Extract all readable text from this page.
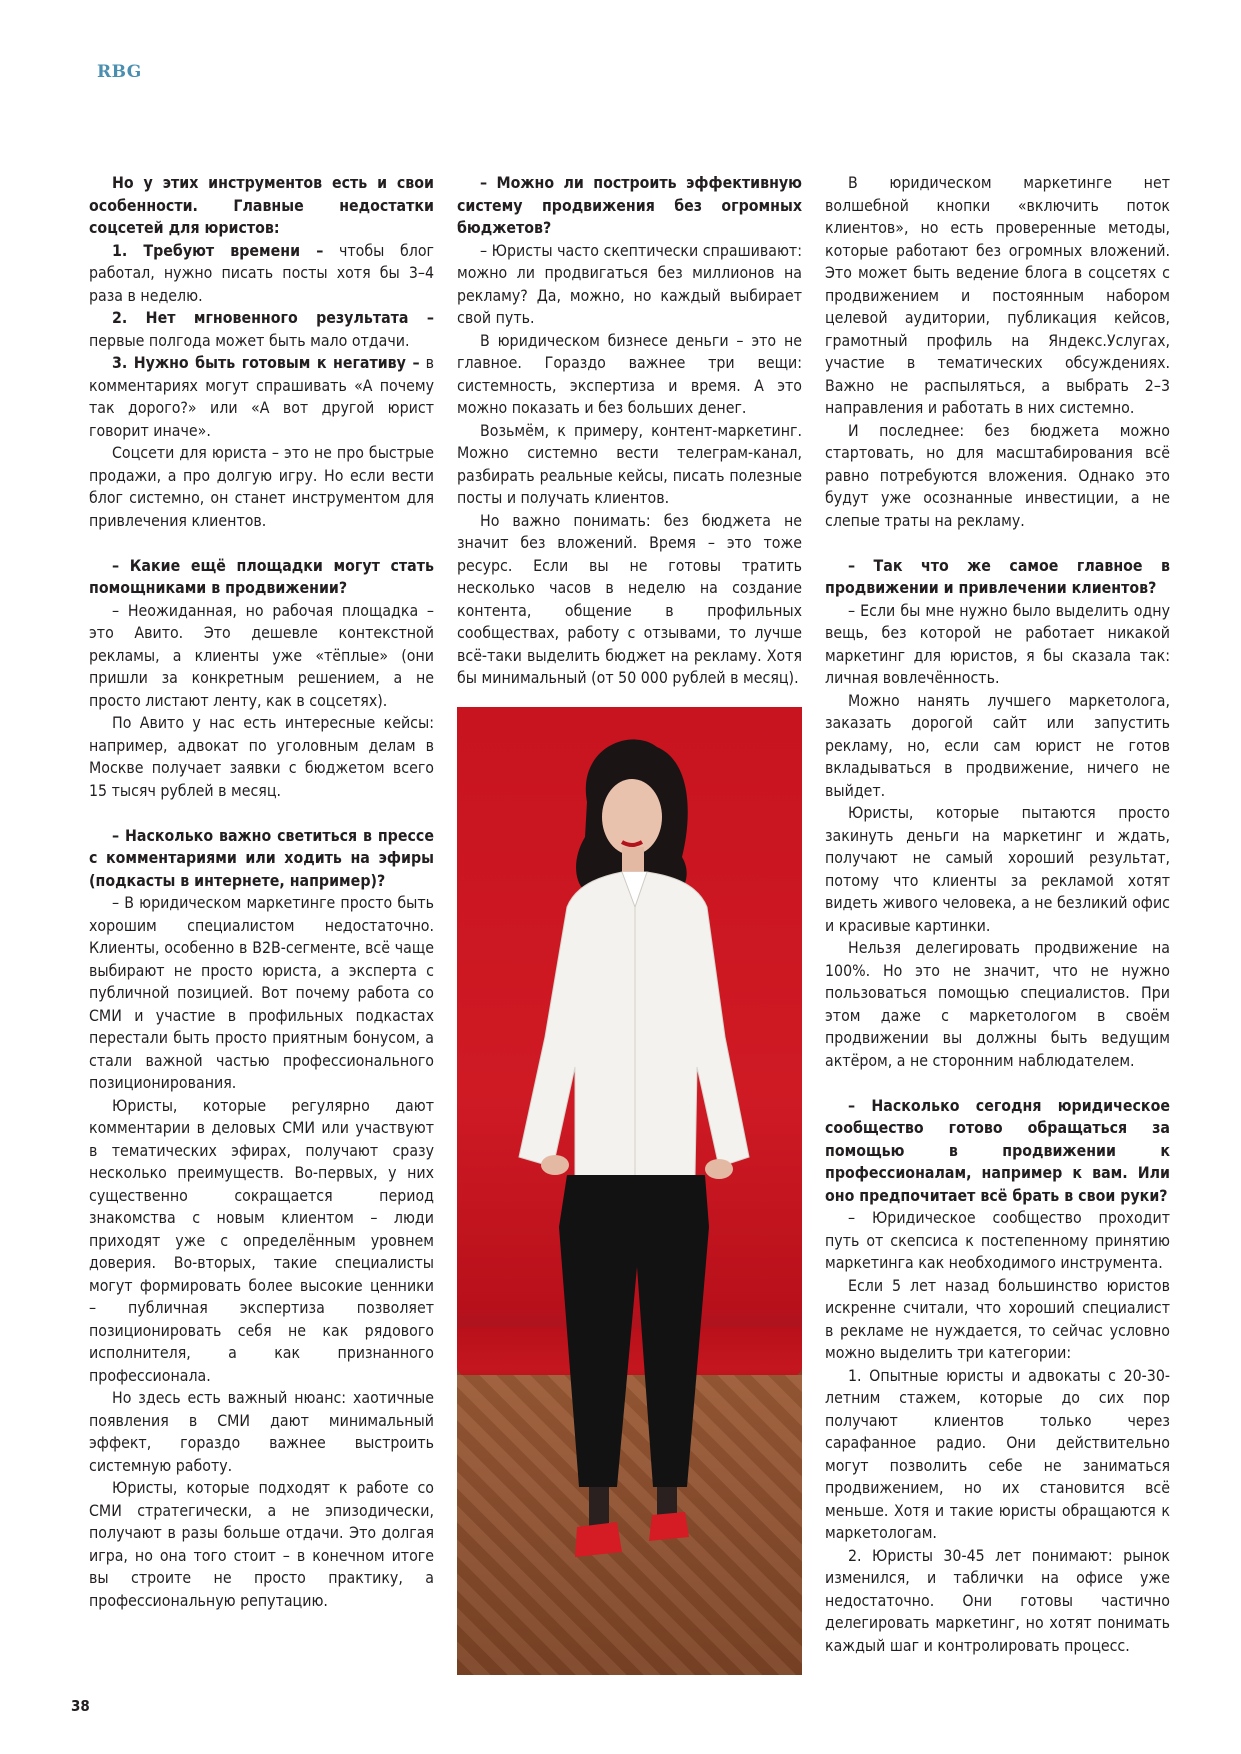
RBG

Но у этих инструментов есть и свои особенности. Главные недостатки соцсетей для юристов:

1. Требуют времени – чтобы блог работал, нужно писать посты хотя бы 3–4 раза в неделю.

2. Нет мгновенного результата – первые полгода может быть мало отдачи.

3. Нужно быть готовым к негативу – в комментариях могут спрашивать «А почему так дорого?» или «А вот другой юрист говорит иначе».

Соцсети для юриста – это не про быстрые продажи, а про долгую игру. Но если вести блог системно, он станет инструментом для привлечения клиентов.

– Какие ещё площадки могут стать помощниками в продвижении?

– Неожиданная, но рабочая площадка – это Авито. Это дешевле контекстной рекламы, а клиенты уже «тёплые» (они пришли за конкретным решением, а не просто листают ленту, как в соцсетях).

По Авито у нас есть интересные кейсы: например, адвокат по уголовным делам в Москве получает заявки с бюджетом всего 15 тысяч рублей в месяц.

– Насколько важно светиться в прессе с комментариями или ходить на эфиры (подкасты в интернете, например)?

– В юридическом маркетинге просто быть хорошим специалистом недостаточно. Клиенты, особенно в B2B-сегменте, всё чаще выбирают не просто юриста, а эксперта с публичной позицией. Вот почему работа со СМИ и участие в профильных подкастах перестали быть просто приятным бонусом, а стали важной частью профессионального позиционирования.

Юристы, которые регулярно дают комментарии в деловых СМИ или участвуют в тематических эфирах, получают сразу несколько преимуществ. Во-первых, у них существенно сокращается период знакомства с новым клиентом – люди приходят уже с определённым уровнем доверия. Во-вторых, такие специалисты могут формировать более высокие ценники – публичная экспертиза позволяет позиционировать себя не как рядового исполнителя, а как признанного профессионала.

Но здесь есть важный нюанс: хаотичные появления в СМИ дают минимальный эффект, гораздо важнее выстроить системную работу.

Юристы, которые подходят к работе со СМИ стратегически, а не эпизодически, получают в разы больше отдачи. Это долгая игра, но она того стоит – в конечном итоге вы строите не просто практику, а профессиональную репутацию.

– Можно ли построить эффективную систему продвижения без огромных бюджетов?

– Юристы часто скептически спрашивают: можно ли продвигаться без миллионов на рекламу? Да, можно, но каждый выбирает свой путь.

В юридическом бизнесе деньги – это не главное. Гораздо важнее три вещи: системность, экспертиза и время. А это можно показать и без больших денег.

Возьмём, к примеру, контент-маркетинг. Можно системно вести телеграм-канал, разбирать реальные кейсы, писать полезные посты и получать клиентов.

Но важно понимать: без бюджета не значит без вложений. Время – это тоже ресурс. Если вы не готовы тратить несколько часов в неделю на создание контента, общение в профильных сообществах, работу с отзывами, то лучше всё-таки выделить бюджет на рекламу. Хотя бы минимальный (от 50 000 рублей в месяц).

В юридическом маркетинге нет волшебной кнопки «включить поток клиентов», но есть проверенные методы, которые работают без огромных вложений. Это может быть ведение блога в соцсетях с продвижением и постоянным набором целевой аудитории, публикация кейсов, грамотный профиль на Яндекс.Услугах, участие в тематических обсуждениях. Важно не распыляться, а выбрать 2–3 направления и работать в них системно.

И последнее: без бюджета можно стартовать, но для масштабирования всё равно потребуются вложения. Однако это будут уже осознанные инвестиции, а не слепые траты на рекламу.

– Так что же самое главное в продвижении и привлечении клиентов?

– Если бы мне нужно было выделить одну вещь, без которой не работает никакой маркетинг для юристов, я бы сказала так: личная вовлечённость.

Можно нанять лучшего маркетолога, заказать дорогой сайт или запустить рекламу, но, если сам юрист не готов вкладываться в продвижение, ничего не выйдет.

Юристы, которые пытаются просто закинуть деньги на маркетинг и ждать, получают не самый хороший результат, потому что клиенты за рекламой хотят видеть живого человека, а не безликий офис и красивые картинки.

Нельзя делегировать продвижение на 100%. Но это не значит, что не нужно пользоваться помощью специалистов. При этом даже с маркетологом в своём продвижении вы должны быть ведущим актёром, а не сторонним наблюдателем.

– Насколько сегодня юридическое сообщество готово обращаться за помощью в продвижении к профессионалам, например к вам. Или оно предпочитает всё брать в свои руки?

– Юридическое сообщество проходит путь от скепсиса к постепенному принятию маркетинга как необходимого инструмента.

Если 5 лет назад большинство юристов искренне считали, что хороший специалист в рекламе не нуждается, то сейчас условно можно выделить три категории:

1. Опытные юристы и адвокаты с 20-30-летним стажем, которые до сих пор получают клиентов только через сарафанное радио. Они действительно могут позволить себе не заниматься продвижением, но их становится всё меньше. Хотя и такие юристы обращаются к маркетологам.

2. Юристы 30-45 лет понимают: рынок изменился, и таблички на офисе уже недостаточно. Они готовы частично делегировать маркетинг, но хотят понимать каждый шаг и контролировать процесс.

38
